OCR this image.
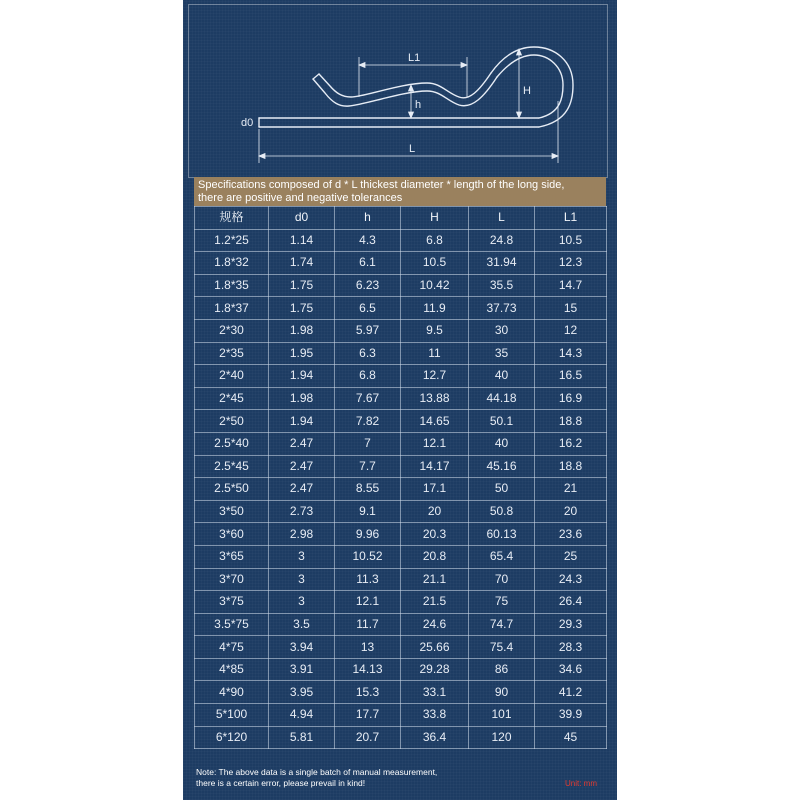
L1
h
H
d0
L
Specifications composed of d * L thickest diameter * length of the long side,
there are positive and negative tolerances
规格	d0	h	H	L	L1
1.2*25	1.14	4.3	6.8	24.8	10.5
1.8*32	1.74	6.1	10.5	31.94	12.3
1.8*35	1.75	6.23	10.42	35.5	14.7
1.8*37	1.75	6.5	11.9	37.73	15
2*30	1.98	5.97	9.5	30	12
2*35	1.95	6.3	11	35	14.3
2*40	1.94	6.8	12.7	40	16.5
2*45	1.98	7.67	13.88	44.18	16.9
2*50	1.94	7.82	14.65	50.1	18.8
2.5*40	2.47	7	12.1	40	16.2
2.5*45	2.47	7.7	14.17	45.16	18.8
2.5*50	2.47	8.55	17.1	50	21
3*50	2.73	9.1	20	50.8	20
3*60	2.98	9.96	20.3	60.13	23.6
3*65	3	10.52	20.8	65.4	25
3*70	3	11.3	21.1	70	24.3
3*75	3	12.1	21.5	75	26.4
3.5*75	3.5	11.7	24.6	74.7	29.3
4*75	3.94	13	25.66	75.4	28.3
4*85	3.91	14.13	29.28	86	34.6
4*90	3.95	15.3	33.1	90	41.2
5*100	4.94	17.7	33.8	101	39.9
6*120	5.81	20.7	36.4	120	45
Note: The above data is a single batch of manual measurement,
there is a certain error, please prevail in kind!	Unit: mm
